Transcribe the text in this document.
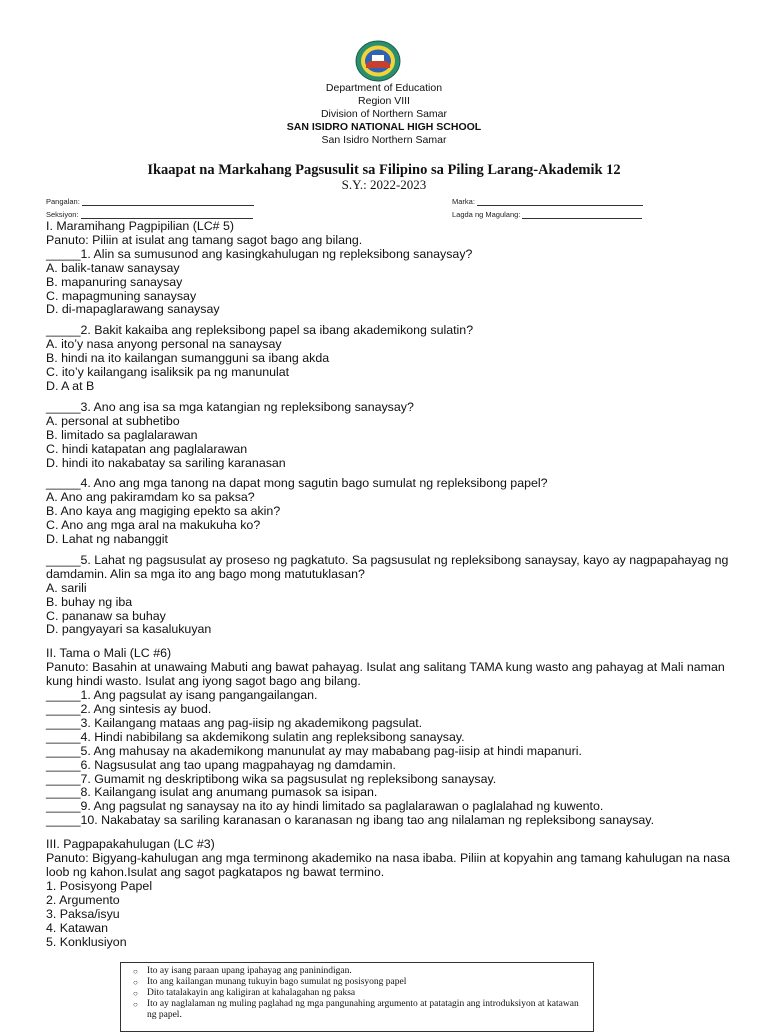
Department of Education
Region VIII
Division of Northern Samar
SAN ISIDRO NATIONAL HIGH SCHOOL
San Isidro Northern Samar
Ikaapat na Markahang Pagsusulit sa Filipino sa Piling Larang-Akademik 12
S.Y.: 2022-2023
Pangalan:
Seksiyon:
Marka:
Lagda ng Magulang:

I. Maramihang Pagpipilian (LC# 5)

Panuto: Piliin at isulat ang tamang sagot bago ang bilang.

_____1. Alin sa sumusunod ang kasingkahulugan ng repleksibong sanaysay?

A. balik-tanaw sanaysay

B. mapanuring sanaysay

C. mapagmuning sanaysay

D. di-mapaglarawang sanaysay

_____2. Bakit kakaiba ang repleksibong papel sa ibang akademikong sulatin?

A. ito’y nasa anyong personal na sanaysay

B. hindi na ito kailangan sumangguni sa ibang akda

C. ito’y kailangang isaliksik pa ng manunulat

D. A at B

_____3. Ano ang isa sa mga katangian ng repleksibong sanaysay?

A. personal at subhetibo

B. limitado sa paglalarawan

C. hindi katapatan ang paglalarawan

D. hindi ito nakabatay sa sariling karanasan

_____4. Ano ang mga tanong na dapat mong sagutin bago sumulat ng repleksibong papel?

A. Ano ang pakiramdam ko sa paksa?

B. Ano kaya ang magiging epekto sa akin?

C. Ano ang mga aral na makukuha ko?

D. Lahat ng nabanggit

_____5. Lahat ng pagsusulat ay proseso ng pagkatuto. Sa pagsusulat ng repleksibong sanaysay, kayo ay nagpapahayag ng damdamin. Alin sa mga ito ang bago mong matutuklasan?

A. sarili

B. buhay ng iba

C. pananaw sa buhay

D. pangyayari sa kasalukuyan

II. Tama o Mali (LC #6)

Panuto: Basahin at unawaing Mabuti ang bawat pahayag. Isulat ang salitang TAMA kung wasto ang pahayag at Mali naman kung hindi wasto. Isulat ang iyong sagot bago ang bilang.

_____1. Ang pagsulat ay isang pangangailangan.

_____2. Ang sintesis ay buod.

_____3. Kailangang mataas ang pag-iisip ng akademikong pagsulat.

_____4. Hindi nabibilang sa akdemikong sulatin ang repleksibong sanaysay.

_____5. Ang mahusay na akademikong manunulat ay may mababang pag-iisip at hindi mapanuri.

_____6. Nagsusulat ang tao upang magpahayag ng damdamin.

_____7. Gumamit ng deskriptibong wika sa pagsusulat ng repleksibong sanaysay.

_____8. Kailangang isulat ang anumang pumasok sa isipan.

_____9. Ang pagsulat ng sanaysay na ito ay hindi limitado sa paglalarawan o paglalahad ng kuwento.

_____10. Nakabatay sa sariling karanasan o karanasan ng ibang tao ang nilalaman ng repleksibong sanaysay.

III. Pagpapakahulugan (LC #3)

Panuto: Bigyang-kahulugan ang mga terminong akademiko na nasa ibaba. Piliin at kopyahin ang tamang kahulugan na nasa loob ng kahon.Isulat ang sagot pagkatapos ng bawat termino.

1. Posisyong Papel

2. Argumento

3. Paksa/isyu

4. Katawan

5. Konklusiyon

○ Ito ay isang paraan upang ipahayag ang paninindigan.
○ Ito ang kailangan munang tukuyin bago sumulat ng posisyong papel
○ Dito tatalakayin ang kaligiran at kahalagahan ng paksa
○ Ito ay naglalaman ng muling paglahad ng mga pangunahing argumento at patatagin ang introduksiyon at katawan ng papel.
